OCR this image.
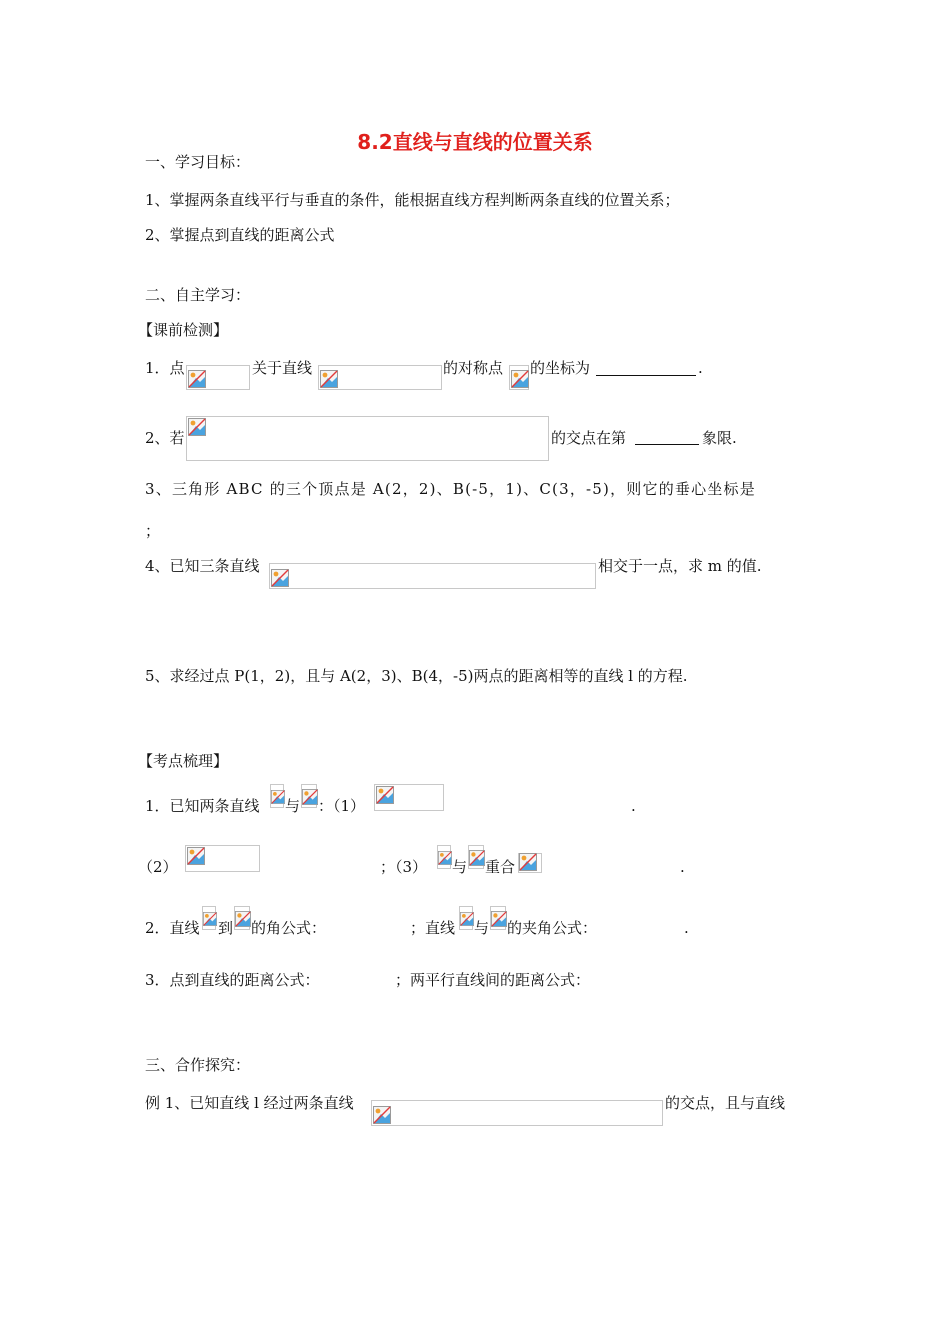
8.2直线与直线的位置关系
一、学习目标：
1、掌握两条直线平行与垂直的条件，能根据直线方程判断两条直线的位置关系；
2、掌握点到直线的距离公式
二、自主学习：
【课前检测】
1．点	关于直线	的对称点 的坐标为	.
2、若	的交点在第	象限.
3、三角形 ABC 的三个顶点是 A(2，2)、B(-5，1)、C(3，-5)，则它的垂心坐标是
；
4、已知三条直线	相交于一点，求 m 的值.
5、求经过点 P(1，2)，且与 A(2，3)、B(4，-5)两点的距离相等的直线 l 的方程.
【考点梳理】
1．已知两条直线 与 ：（1）	.
（2）	；（3） 与 重合	.
2．直线 到 的角公式：	；直线 与 的夹角公式：	.
3．点到直线的距离公式：	；两平行直线间的距离公式：
三、合作探究：
例 1、已知直线 l 经过两条直线	的交点，且与直线
